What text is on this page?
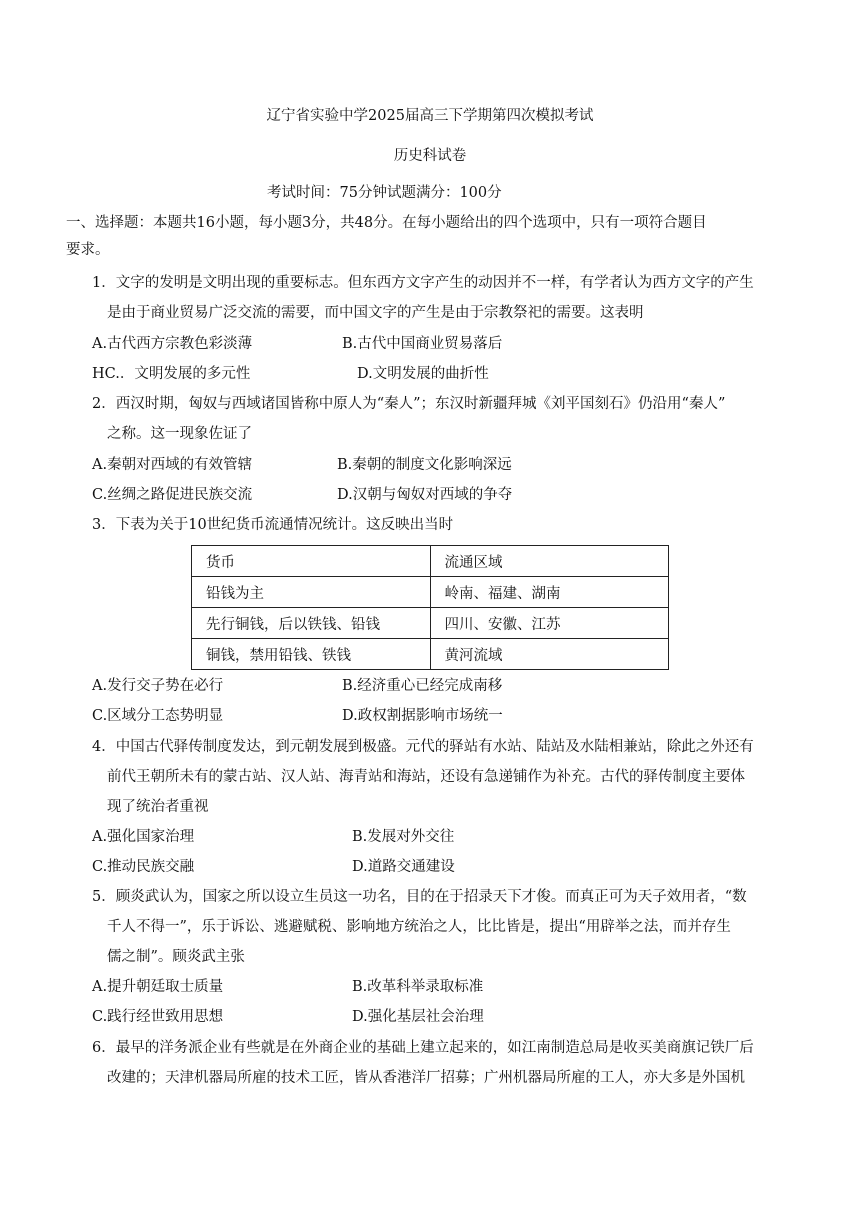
辽宁省实验中学2025届高三下学期第四次模拟考试
历史科试卷
考试时间：75分钟试题满分：100分
一、选择题：本题共16小题，每小题3分，共48分。在每小题给出的四个选项中，只有一项符合题目
要求。
1．文字的发明是文明出现的重要标志。但东西方文字产生的动因并不一样，有学者认为西方文字的产生
是由于商业贸易广泛交流的需要，而中国文字的产生是由于宗教祭祀的需要。这表明
A.古代西方宗教色彩淡薄	B.古代中国商业贸易落后
HC.．文明发展的多元性	D.文明发展的曲折性
2．西汉时期，匈奴与西域诸国皆称中原人为“秦人”；东汉时新疆拜城《刘平国刻石》仍沿用“秦人”
之称。这一现象佐证了
A.秦朝对西域的有效管辖	B.秦朝的制度文化影响深远
C.丝绸之路促进民族交流	D.汉朝与匈奴对西域的争夺
3．下表为关于10世纪货币流通情况统计。这反映出当时
货币	流通区域
铅钱为主	岭南、福建、湖南
先行铜钱，后以铁钱、铅钱	四川、安徽、江苏
铜钱，禁用铅钱、铁钱	黄河流域
A.发行交子势在必行	B.经济重心已经完成南移
C.区域分工态势明显	D.政权割据影响市场统一
4．中国古代驿传制度发达，到元朝发展到极盛。元代的驿站有水站、陆站及水陆相兼站，除此之外还有
前代王朝所未有的蒙古站、汉人站、海青站和海站，还设有急递铺作为补充。古代的驿传制度主要体
现了统治者重视
A.强化国家治理	B.发展对外交往
C.推动民族交融	D.道路交通建设
5．顾炎武认为，国家之所以设立生员这一功名，目的在于招录天下才俊。而真正可为天子效用者，“数
千人不得一”，乐于诉讼、逃避赋税、影响地方统治之人，比比皆是，提出“用辟举之法，而并存生
儒之制”。顾炎武主张
A.提升朝廷取士质量	B.改革科举录取标准
C.践行经世致用思想	D.强化基层社会治理
6．最早的洋务派企业有些就是在外商企业的基础上建立起来的，如江南制造总局是收买美商旗记铁厂后
改建的；天津机器局所雇的技术工匠，皆从香港洋厂招募；广州机器局所雇的工人，亦大多是外国机
